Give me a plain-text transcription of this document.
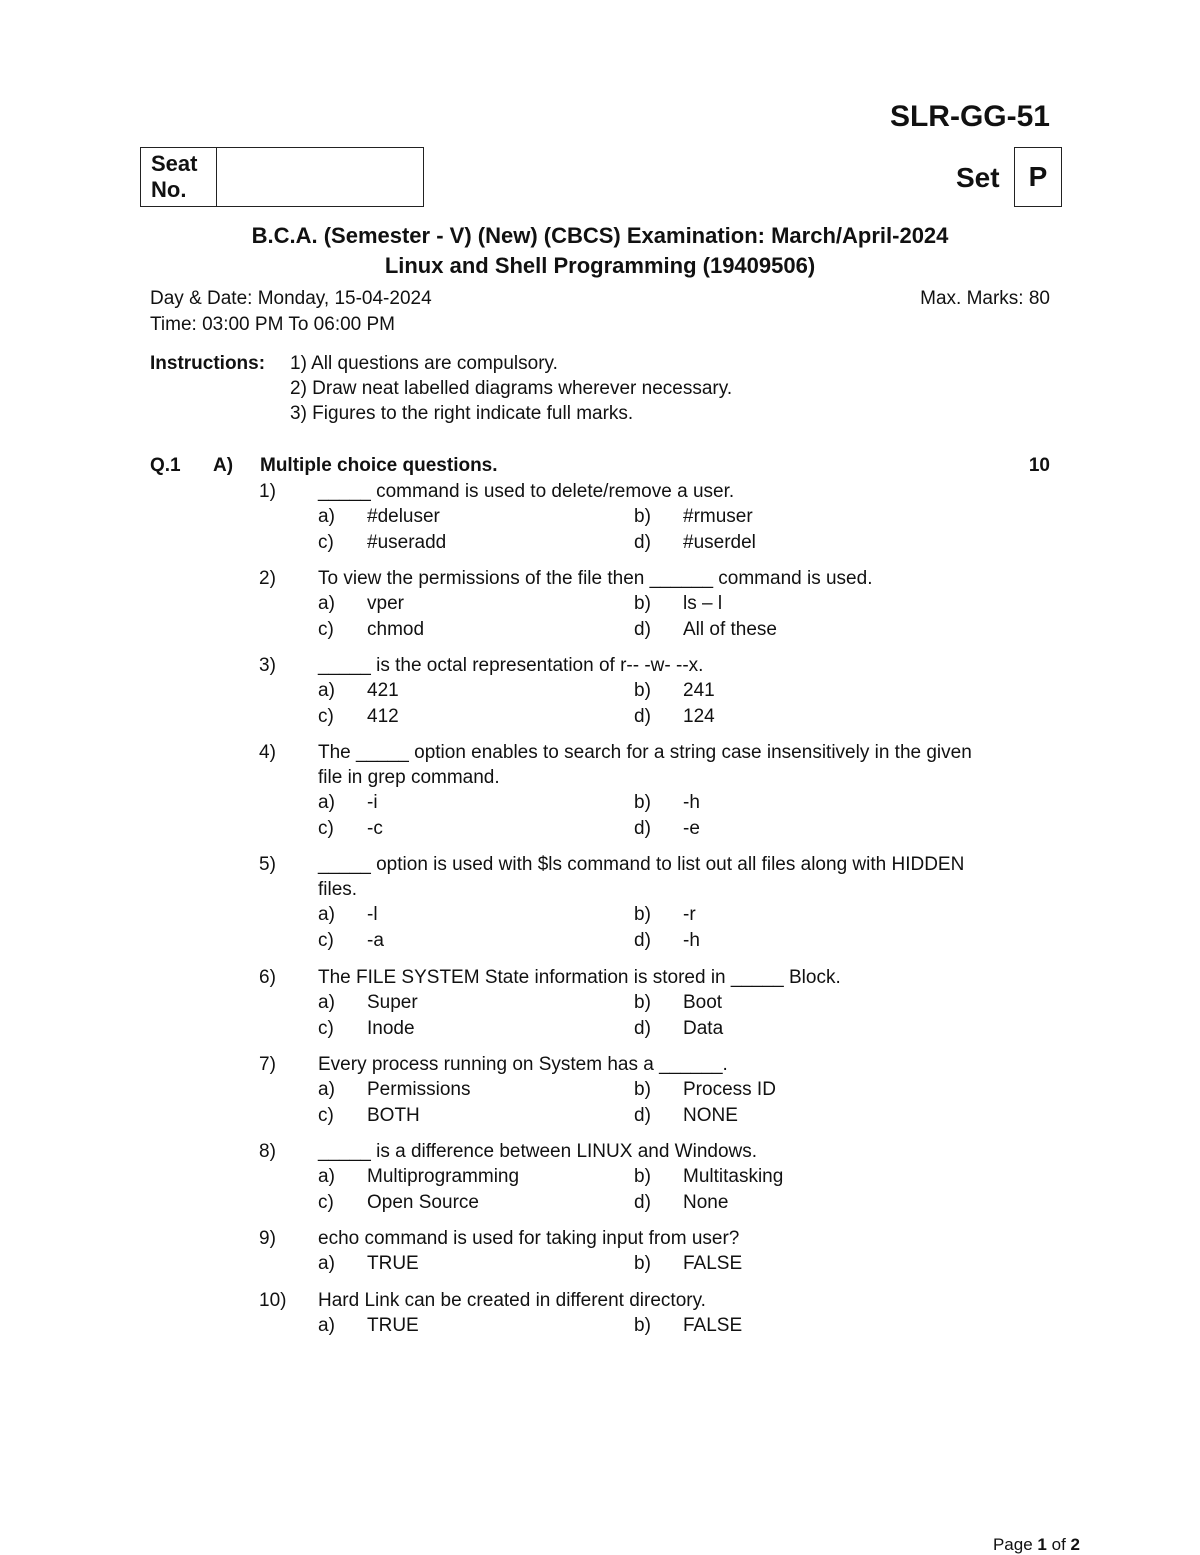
SLR-GG-51
Seat No.	Set	P
B.C.A. (Semester - V) (New) (CBCS) Examination: March/April-2024
Linux and Shell Programming (19409506)
Day & Date: Monday, 15-04-2024
Time: 03:00 PM To 06:00 PM
Max. Marks: 80
Instructions: 1) All questions are compulsory.
2) Draw neat labelled diagrams wherever necessary.
3) Figures to the right indicate full marks.
Q.1 A) Multiple choice questions.	10
1) _____ command is used to delete/remove a user.
a) #deluser	b) #rmuser
c) #useradd	d) #userdel
2) To view the permissions of the file then ______ command is used.
a) vper	b) ls – l
c) chmod	d) All of these
3) _____ is the octal representation of r-- -w- --x.
a) 421	b) 241
c) 412	d) 124
4) The _____ option enables to search for a string case insensitively in the given file in grep command.
a) -i	b) -h
c) -c	d) -e
5) _____ option is used with $ls command to list out all files along with HIDDEN files.
a) -l	b) -r
c) -a	d) -h
6) The FILE SYSTEM State information is stored in _____ Block.
a) Super	b) Boot
c) Inode	d) Data
7) Every process running on System has a ______.
a) Permissions	b) Process ID
c) BOTH	d) NONE
8) _____ is a difference between LINUX and Windows.
a) Multiprogramming	b) Multitasking
c) Open Source	d) None
9) echo command is used for taking input from user?
a) TRUE	b) FALSE
10) Hard Link can be created in different directory.
a) TRUE	b) FALSE
Page 1 of 2
